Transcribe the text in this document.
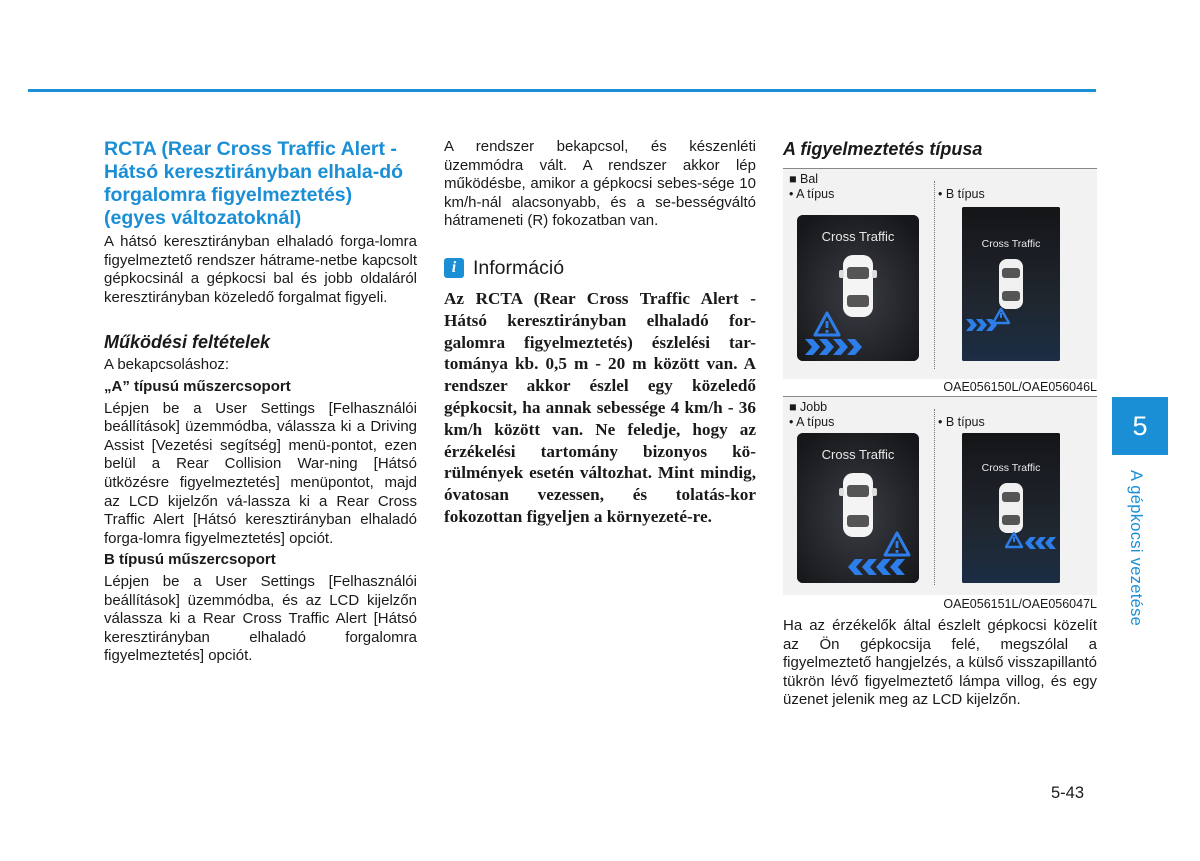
RCTA (Rear Cross Traffic Alert - Hátsó keresztirányban elhala-dó forgalomra figyelmeztetés) (egyes változatoknál)

A hátsó keresztirányban elhaladó forga-lomra figyelmeztető rendszer hátrame-netbe kapcsolt gépkocsinál a gépkocsi bal és jobb oldaláról keresztirányban közeledő forgalmat figyeli.

Működési feltételek

A bekapcsoláshoz:

„A” típusú műszercsoport

Lépjen be a User Settings [Felhasználói beállítások] üzemmódba, válassza ki a Driving Assist [Vezetési segítség] menü-pontot, ezen belül a Rear Collision War-ning [Hátsó ütközésre figyelmeztetés] menüpontot, majd az LCD kijelzőn vá-lassza ki a Rear Cross Traffic Alert [Hátsó keresztirányban elhaladó forga-lomra figyelmeztetés] opciót.

B típusú műszercsoport

Lépjen be a User Settings [Felhasználói beállítások] üzemmódba, és az LCD kijelzőn válassza ki a Rear Cross Traffic Alert [Hátsó keresztirányban elhaladó forgalomra figyelmeztetés] opciót.

A rendszer bekapcsol, és készenléti üzemmódra vált. A rendszer akkor lép működésbe, amikor a gépkocsi sebes-sége 10 km/h-nál alacsonyabb, és a se-bességváltó hátrameneti (R) fokozatban van.

i Információ

Az RCTA (Rear Cross Traffic Alert - Hátsó keresztirányban elhaladó for-galomra figyelmeztetés) észlelési tar-tománya kb. 0,5 m - 20 m között van. A rendszer akkor észlel egy közeledő gépkocsit, ha annak sebessége 4 km/h - 36 km/h között van. Ne feledje, hogy az érzékelési tartomány bizonyos kö-rülmények esetén változhat. Mint mindig, óvatosan vezessen, és tolatás-kor fokozottan figyeljen a környezeté-re.

A figyelmeztetés típusa
■ Bal
• A típus	• B típus
Cross Traffic	Cross Traffic
OAE056150L/OAE056046L
■ Jobb
• A típus	• B típus
Cross Traffic
Cross Traffic
OAE056151L/OAE056047L

Ha az érzékelők által észlelt gépkocsi közelít az Ön gépkocsija felé, megszólal a figyelmeztető hangjelzés, a külső visszapillantó tükrön lévő figyelmeztető lámpa villog, és egy üzenet jelenik meg az LCD kijelzőn.

5
A gépkocsi vezetése
5-43
